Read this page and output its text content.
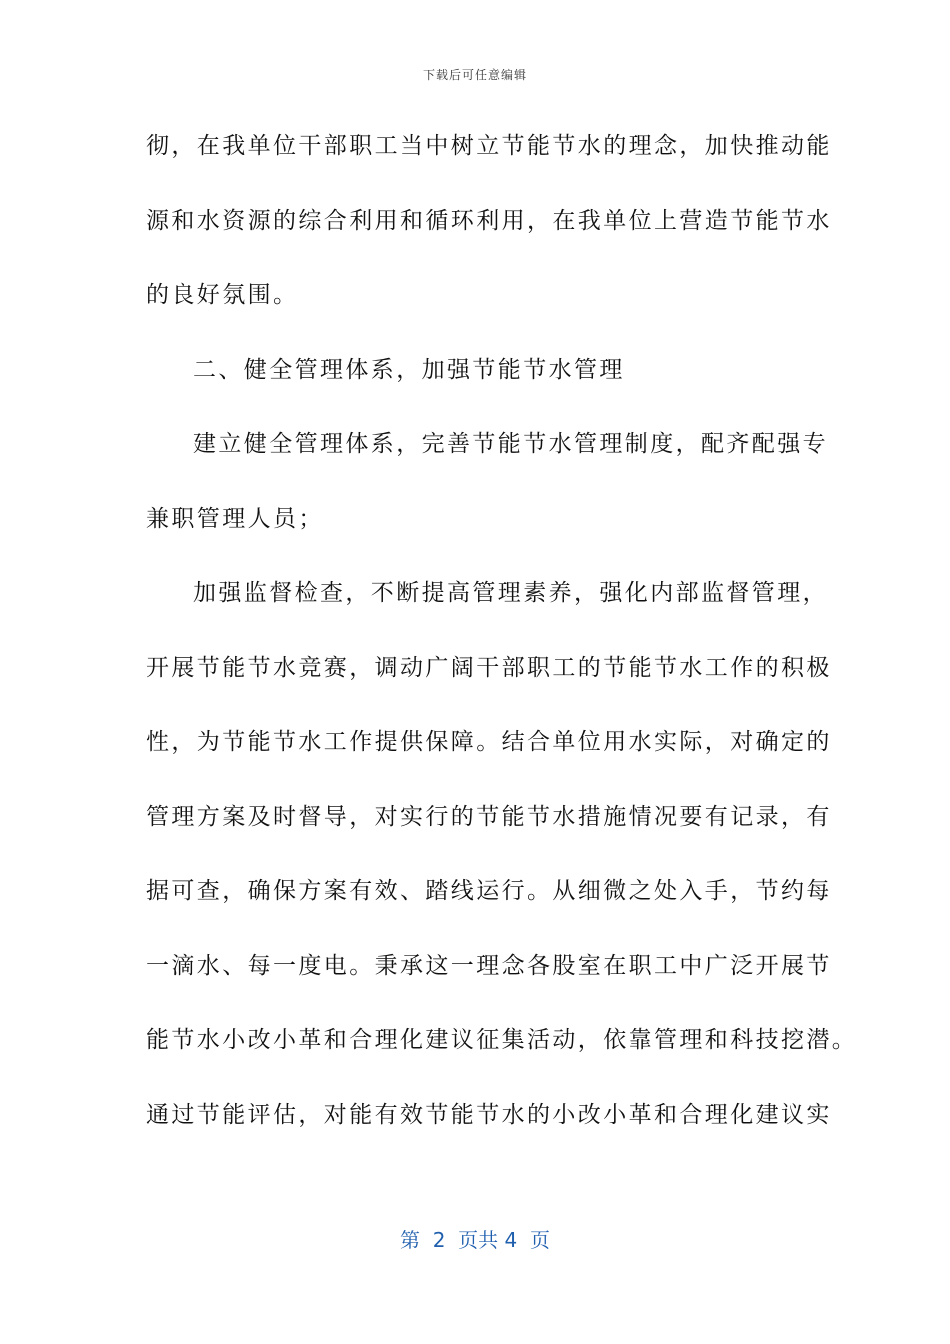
下载后可任意编辑
彻，在我单位干部职工当中树立节能节水的理念，加快推动能
源和水资源的综合利用和循环利用，在我单位上营造节能节水
的良好氛围。
二、健全管理体系，加强节能节水管理
建立健全管理体系，完善节能节水管理制度，配齐配强专
兼职管理人员；
加强监督检查，不断提高管理素养，强化内部监督管理，
开展节能节水竞赛，调动广阔干部职工的节能节水工作的积极
性，为节能节水工作提供保障。结合单位用水实际，对确定的
管理方案及时督导，对实行的节能节水措施情况要有记录，有
据可查，确保方案有效、踏线运行。从细微之处入手，节约每
一滴水、每一度电。秉承这一理念各股室在职工中广泛开展节
能节水小改小革和合理化建议征集活动，依靠管理和科技挖潜。
通过节能评估，对能有效节能节水的小改小革和合理化建议实
第  2  页共 4  页
